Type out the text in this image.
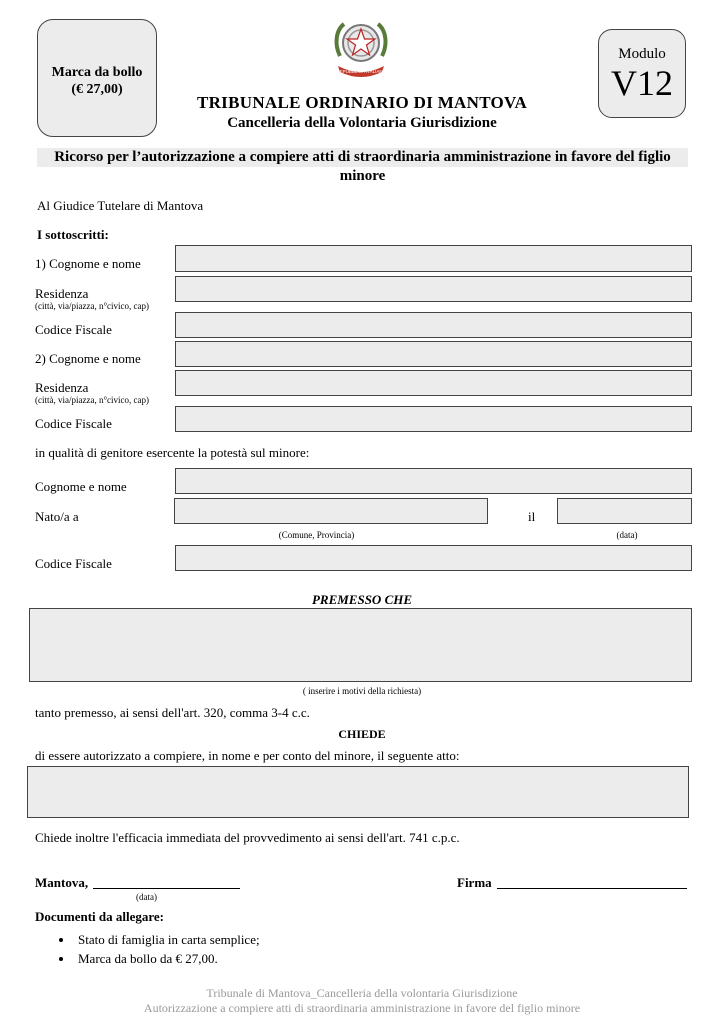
Marca da bollo
(€ 27,00)
REPUBBLICA ITALIANA
Modulo
V12
TRIBUNALE ORDINARIO DI MANTOVA
Cancelleria della Volontaria Giurisdizione
Ricorso per l’autorizzazione a compiere atti di straordinaria amministrazione in favore del figlio minore
Al Giudice Tutelare di Mantova
I sottoscritti:
1) Cognome e nome
Residenza
(città, via/piazza, n°civico, cap)
Codice Fiscale
2) Cognome e nome
Residenza
(città, via/piazza, n°civico, cap)
Codice Fiscale
in qualità di genitore esercente la potestà sul minore:
Cognome e nome
Nato/a a
(Comune, Provincia)
il
(data)
Codice Fiscale
PREMESSO CHE
( inserire i motivi della richiesta)
tanto premesso, ai sensi dell'art. 320, comma 3-4 c.c.
CHIEDE
di essere autorizzato a compiere, in nome e per conto del minore, il seguente atto:
Chiede inoltre l'efficacia immediata del provvedimento ai sensi dell'art. 741 c.p.c.
Mantova,
(data)
Firma
Documenti da allegare:
• Stato di famiglia in carta semplice;
• Marca da bollo da € 27,00.
Tribunale di Mantova_Cancelleria della volontaria Giurisdizione
Autorizzazione a compiere atti di straordinaria amministrazione in favore del figlio minore
